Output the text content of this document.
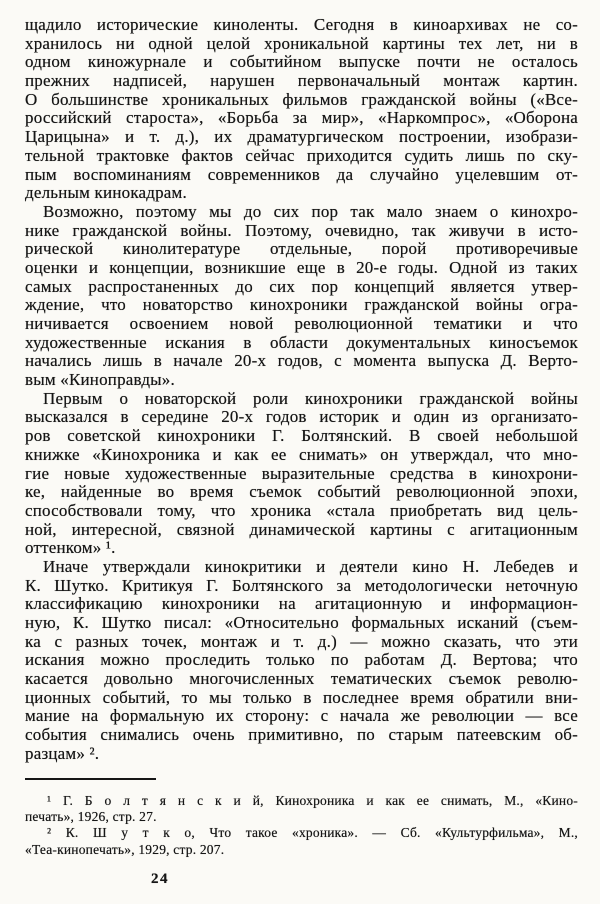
щадило исторические киноленты. Сегодня в киноархивах не со-
хранилось ни одной целой хроникальной картины тех лет, ни в
одном киножурнале и событийном выпуске почти не осталось
прежних надписей, нарушен первоначальный монтаж картин.
О большинстве хроникальных фильмов гражданской войны («Все-
российский староста», «Борьба за мир», «Наркомпрос», «Оборона
Царицына» и т. д.), их драматургическом построении, изобрази-
тельной трактовке фактов сейчас приходится судить лишь по ску-
пым воспоминаниям современников да случайно уцелевшим от-
дельным кинокадрам.
Возможно, поэтому мы до сих пор так мало знаем о кинохро-
нике гражданской войны. Поэтому, очевидно, так живучи в исто-
рической кинолитературе отдельные, порой противоречивые
оценки и концепции, возникшие еще в 20-е годы. Одной из таких
самых распростаненных до сих пор концепций является утвер-
ждение, что новаторство кинохроники гражданской войны огра-
ничивается освоением новой революционной тематики и что
художественные искания в области документальных киносъемок
начались лишь в начале 20-х годов, с момента выпуска Д. Верто-
вым «Киноправды».
Первым о новаторской роли кинохроники гражданской войны
высказался в середине 20-х годов историк и один из организато-
ров советской кинохроники Г. Болтянский. В своей небольшой
книжке «Кинохроника и как ее снимать» он утверждал, что мно-
гие новые художественные выразительные средства в кинохрони-
ке, найденные во время съемок событий революционной эпохи,
способствовали тому, что хроника «стала приобретать вид цель-
ной, интересной, связной динамической картины с агитационным
оттенком» ¹.
Иначе утверждали кинокритики и деятели кино Н. Лебедев и
К. Шутко. Критикуя Г. Болтянского за методологически неточную
классификацию кинохроники на агитационную и информацион-
ную, К. Шутко писал: «Относительно формальных исканий (съем-
ка с разных точек, монтаж и т. д.) — можно сказать, что эти
искания можно проследить только по работам Д. Вертова; что
касается довольно многочисленных тематических съемок револю-
ционных событий, то мы только в последнее время обратили вни-
мание на формальную их сторону: с начала же революции — все
события снимались очень примитивно, по старым патеевским об-
разцам» ².
¹ Г. Б о л т я н с к и й, Кинохроника и как ее снимать, М., «Кино-
печать», 1926, стр. 27.
² К. Ш у т к о, Что такое «хроника». — Сб. «Культурфильма», М.,
«Теа-кинопечать», 1929, стр. 207.
24
